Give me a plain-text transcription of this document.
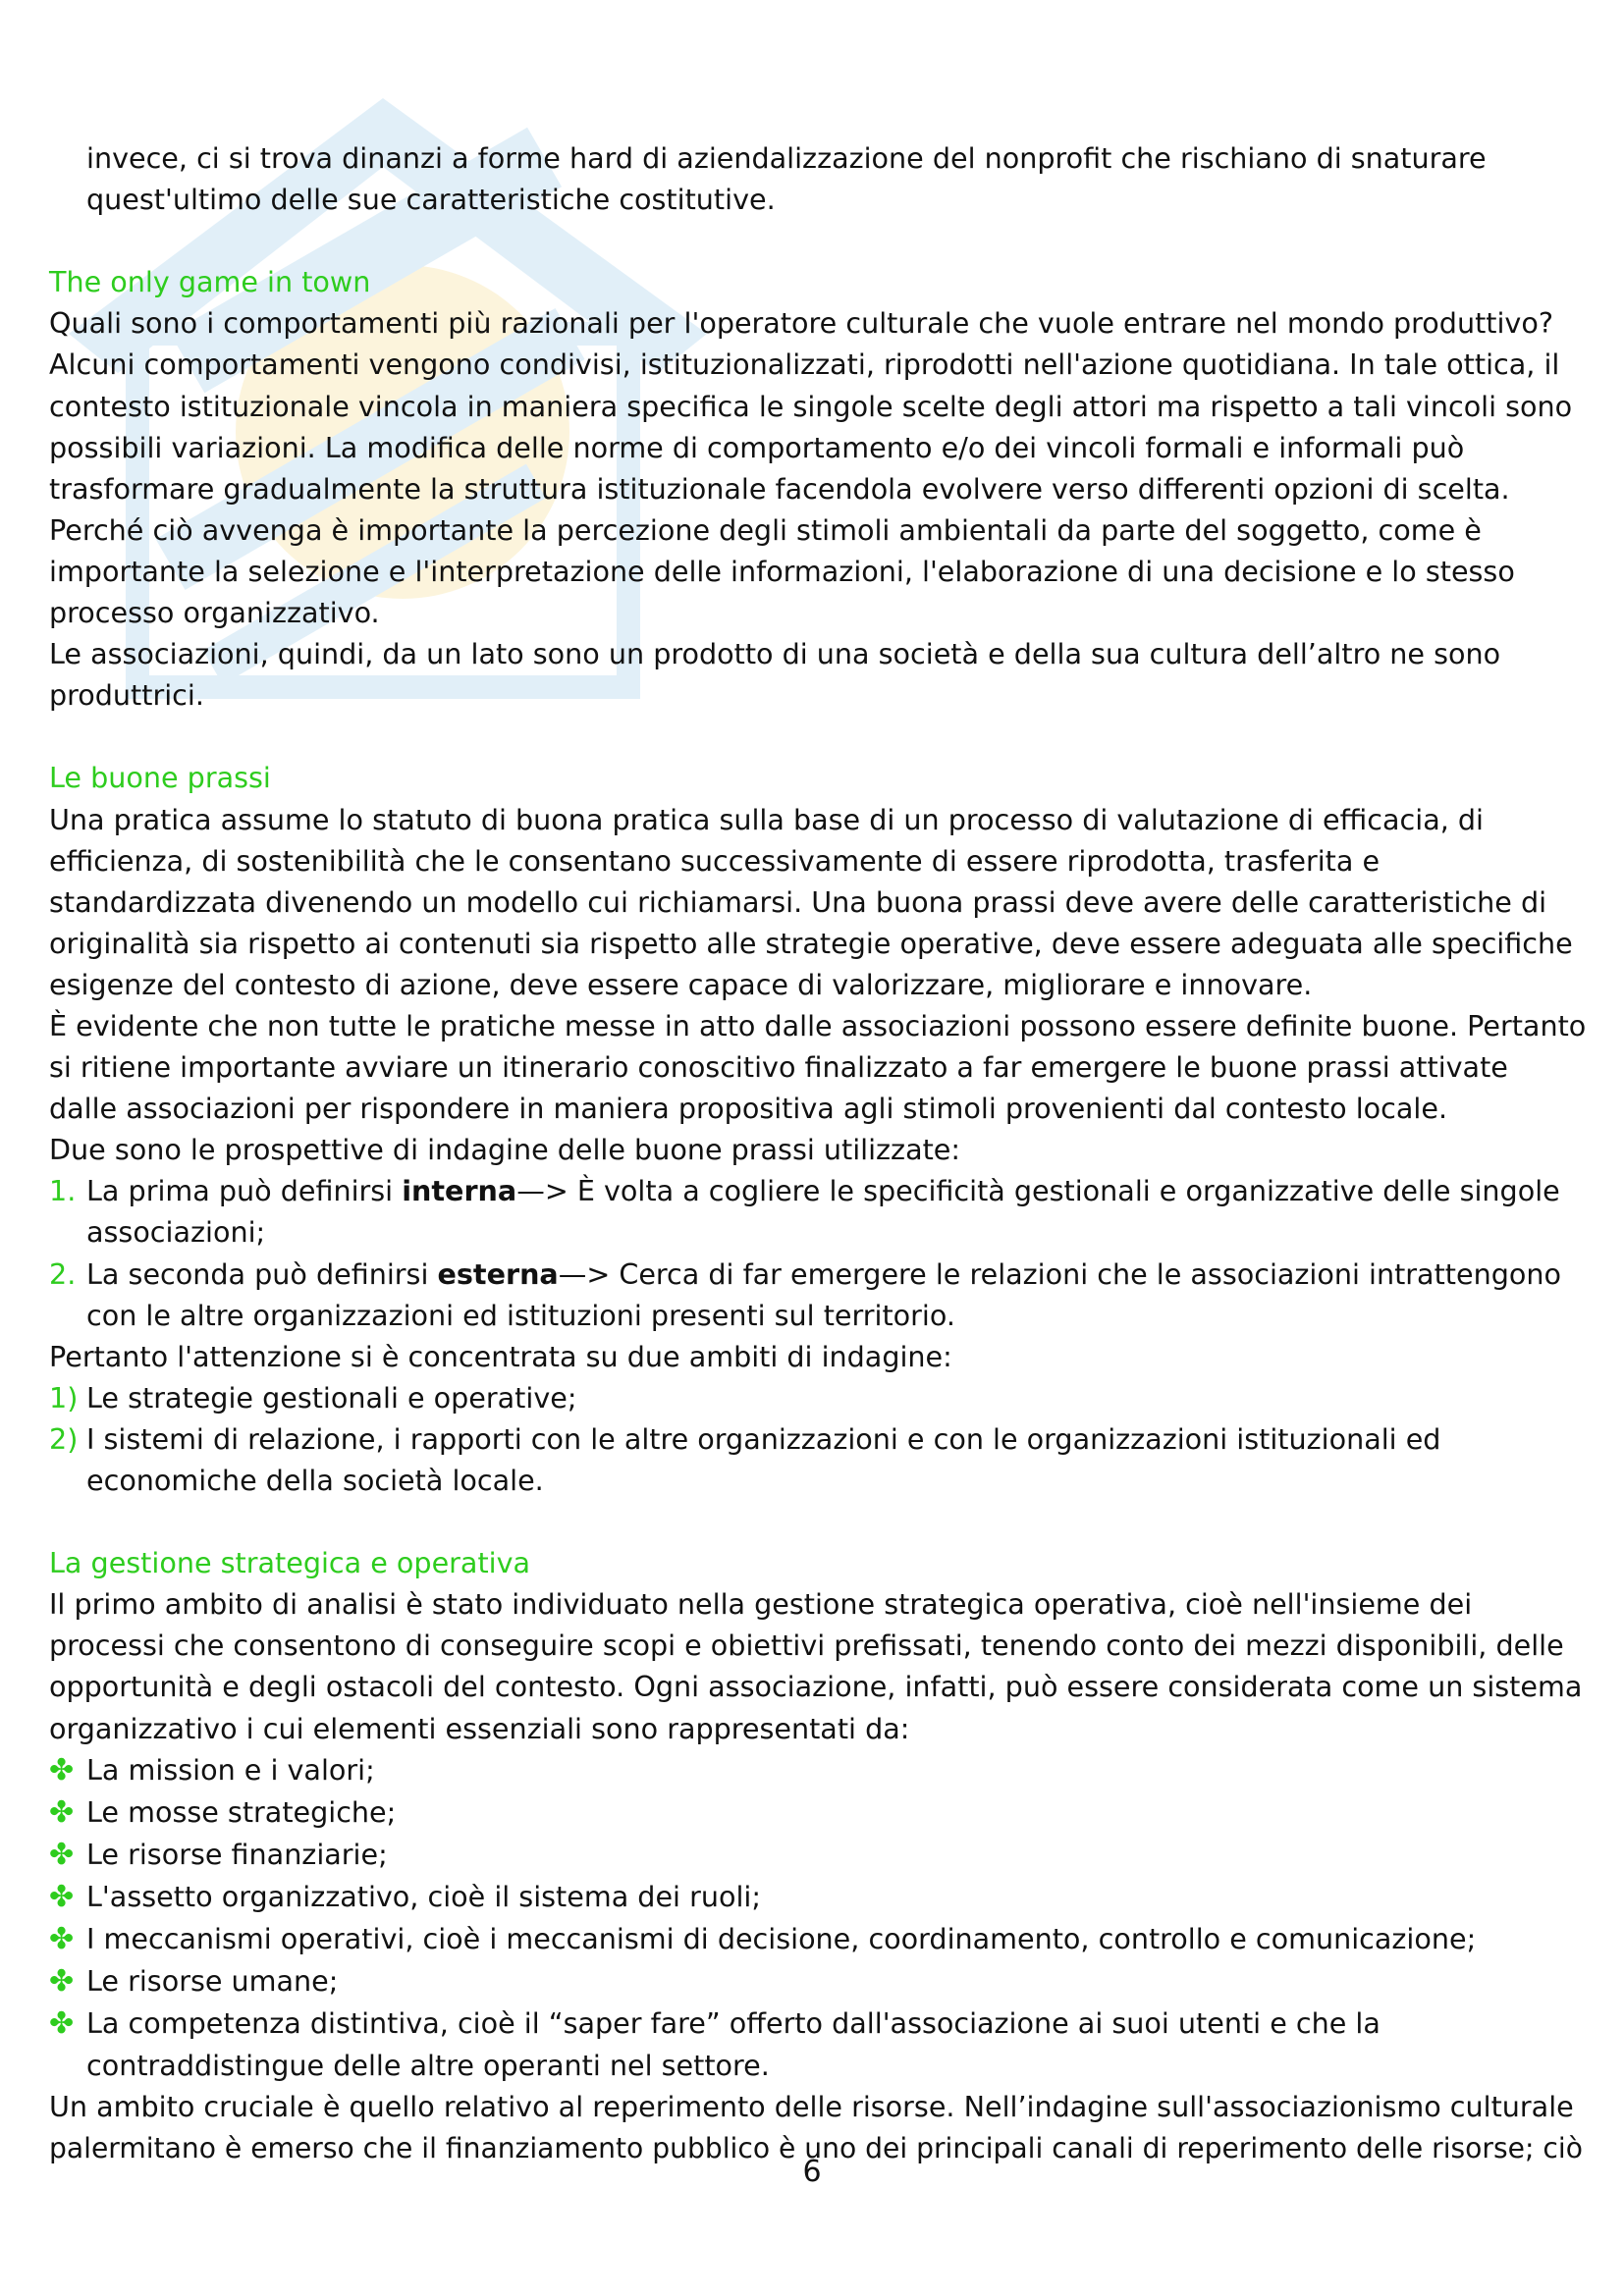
invece, ci si trova dinanzi a forme hard di aziendalizzazione del nonprofit che rischiano di snaturare

quest'ultimo delle sue caratteristiche costitutive.

The only game in town

Quali sono i comportamenti più razionali per l'operatore culturale che vuole entrare nel mondo produttivo?

Alcuni comportamenti vengono condivisi, istituzionalizzati, riprodotti nell'azione quotidiana. In tale ottica, il

contesto istituzionale vincola in maniera specifica le singole scelte degli attori ma rispetto a tali vincoli sono

possibili variazioni. La modifica delle norme di comportamento e/o dei vincoli formali e informali può

trasformare gradualmente la struttura istituzionale facendola evolvere verso differenti opzioni di scelta.

Perché ciò avvenga è importante la percezione degli stimoli ambientali da parte del soggetto, come è

importante la selezione e l'interpretazione delle informazioni, l'elaborazione di una decisione e lo stesso

processo organizzativo.

Le associazioni, quindi, da un lato sono un prodotto di una società e della sua cultura dell’altro ne sono

produttrici.

Le buone prassi

Una pratica assume lo statuto di buona pratica sulla base di un processo di valutazione di efficacia, di

efficienza, di sostenibilità che le consentano successivamente di essere riprodotta, trasferita e

standardizzata divenendo un modello cui richiamarsi. Una buona prassi deve avere delle caratteristiche di

originalità sia rispetto ai contenuti sia rispetto alle strategie operative, deve essere adeguata alle specifiche

esigenze del contesto di azione, deve essere capace di valorizzare, migliorare e innovare.

È evidente che non tutte le pratiche messe in atto dalle associazioni possono essere definite buone. Pertanto

si ritiene importante avviare un itinerario conoscitivo finalizzato a far emergere le buone prassi attivate

dalle associazioni per rispondere in maniera propositiva agli stimoli provenienti dal contesto locale.

Due sono le prospettive di indagine delle buone prassi utilizzate:

1. La prima può definirsi interna—> È volta a cogliere le specificità gestionali e organizzative delle singole

associazioni;

2. La seconda può definirsi esterna—> Cerca di far emergere le relazioni che le associazioni intrattengono

con le altre organizzazioni ed istituzioni presenti sul territorio.

Pertanto l'attenzione si è concentrata su due ambiti di indagine:

1) Le strategie gestionali e operative;

2) I sistemi di relazione, i rapporti con le altre organizzazioni e con le organizzazioni istituzionali ed

economiche della società locale.

La gestione strategica e operativa

Il primo ambito di analisi è stato individuato nella gestione strategica operativa, cioè nell'insieme dei

processi che consentono di conseguire scopi e obiettivi prefissati, tenendo conto dei mezzi disponibili, delle

opportunità e degli ostacoli del contesto. Ogni associazione, infatti, può essere considerata come un sistema

organizzativo i cui elementi essenziali sono rappresentati da:

✤ La mission e i valori;

✤ Le mosse strategiche;

✤ Le risorse finanziarie;

✤ L'assetto organizzativo, cioè il sistema dei ruoli;

✤ I meccanismi operativi, cioè i meccanismi di decisione, coordinamento, controllo e comunicazione;

✤ Le risorse umane;

✤ La competenza distintiva, cioè il “saper fare” offerto dall'associazione ai suoi utenti e che la

contraddistingue delle altre operanti nel settore.

Un ambito cruciale è quello relativo al reperimento delle risorse. Nell’indagine sull'associazionismo culturale

palermitano è emerso che il finanziamento pubblico è uno dei principali canali di reperimento delle risorse; ciò

6
